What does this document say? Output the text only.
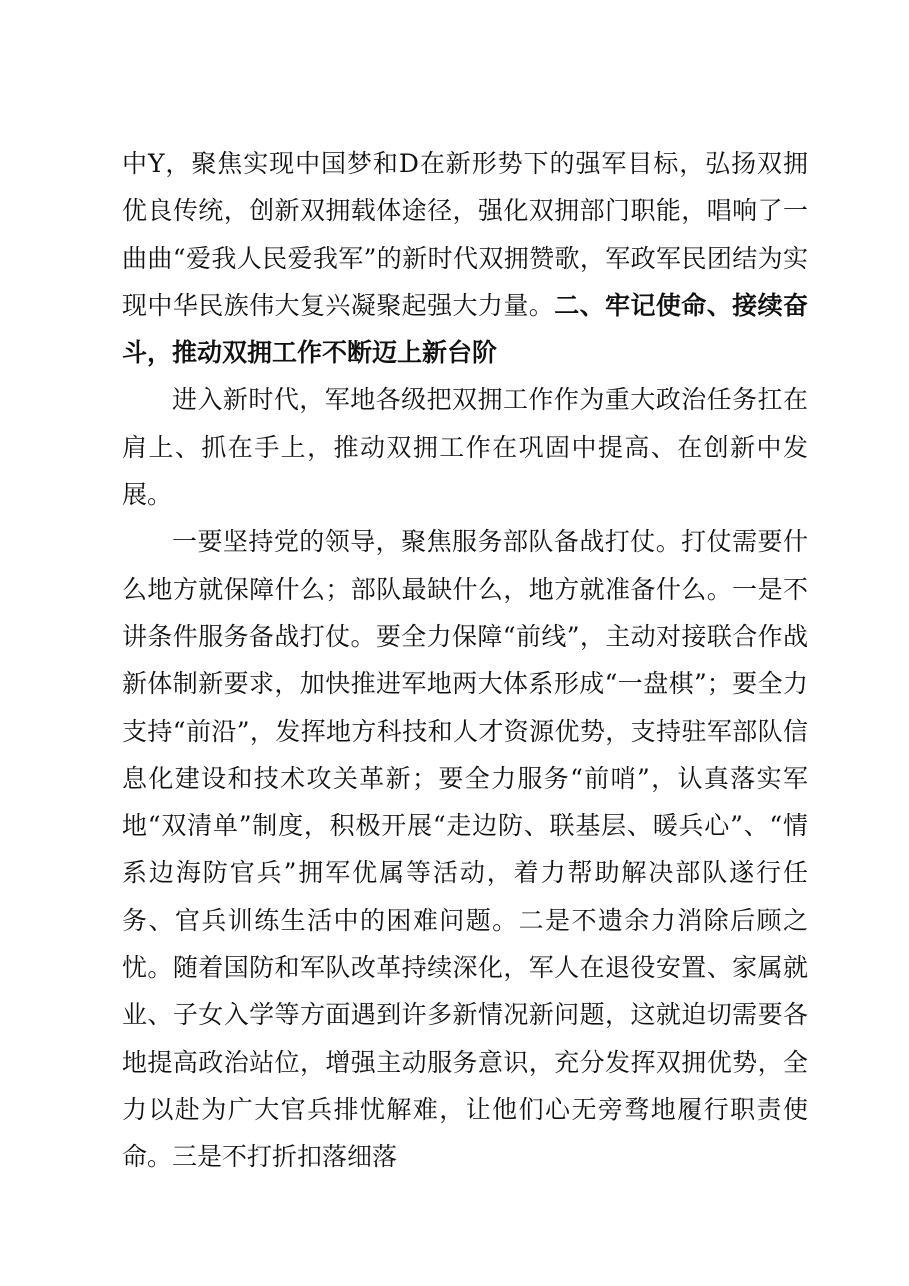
中Y，聚焦实现中国梦和D在新形势下的强军目标，弘扬双拥优良传统，创新双拥载体途径，强化双拥部门职能，唱响了一曲曲“爱我人民爱我军”的新时代双拥赞歌，军政军民团结为实现中华民族伟大复兴凝聚起强大力量。二、牢记使命、接续奋斗，推动双拥工作不断迈上新台阶

进入新时代，军地各级把双拥工作作为重大政治任务扛在肩上、抓在手上，推动双拥工作在巩固中提高、在创新中发展。

一要坚持党的领导，聚焦服务部队备战打仗。打仗需要什么地方就保障什么；部队最缺什么，地方就准备什么。一是不讲条件服务备战打仗。要全力保障“前线”，主动对接联合作战新体制新要求，加快推进军地两大体系形成“一盘棋”；要全力支持“前沿”，发挥地方科技和人才资源优势，支持驻军部队信息化建设和技术攻关革新；要全力服务“前哨”，认真落实军地“双清单”制度，积极开展“走边防、联基层、暖兵心”、“情系边海防官兵”拥军优属等活动，着力帮助解决部队遂行任务、官兵训练生活中的困难问题。二是不遗余力消除后顾之忧。随着国防和军队改革持续深化，军人在退役安置、家属就业、子女入学等方面遇到许多新情况新问题，这就迫切需要各地提高政治站位，增强主动服务意识，充分发挥双拥优势，全力以赴为广大官兵排忧解难，让他们心无旁骛地履行职责使命。三是不打折扣落细落
